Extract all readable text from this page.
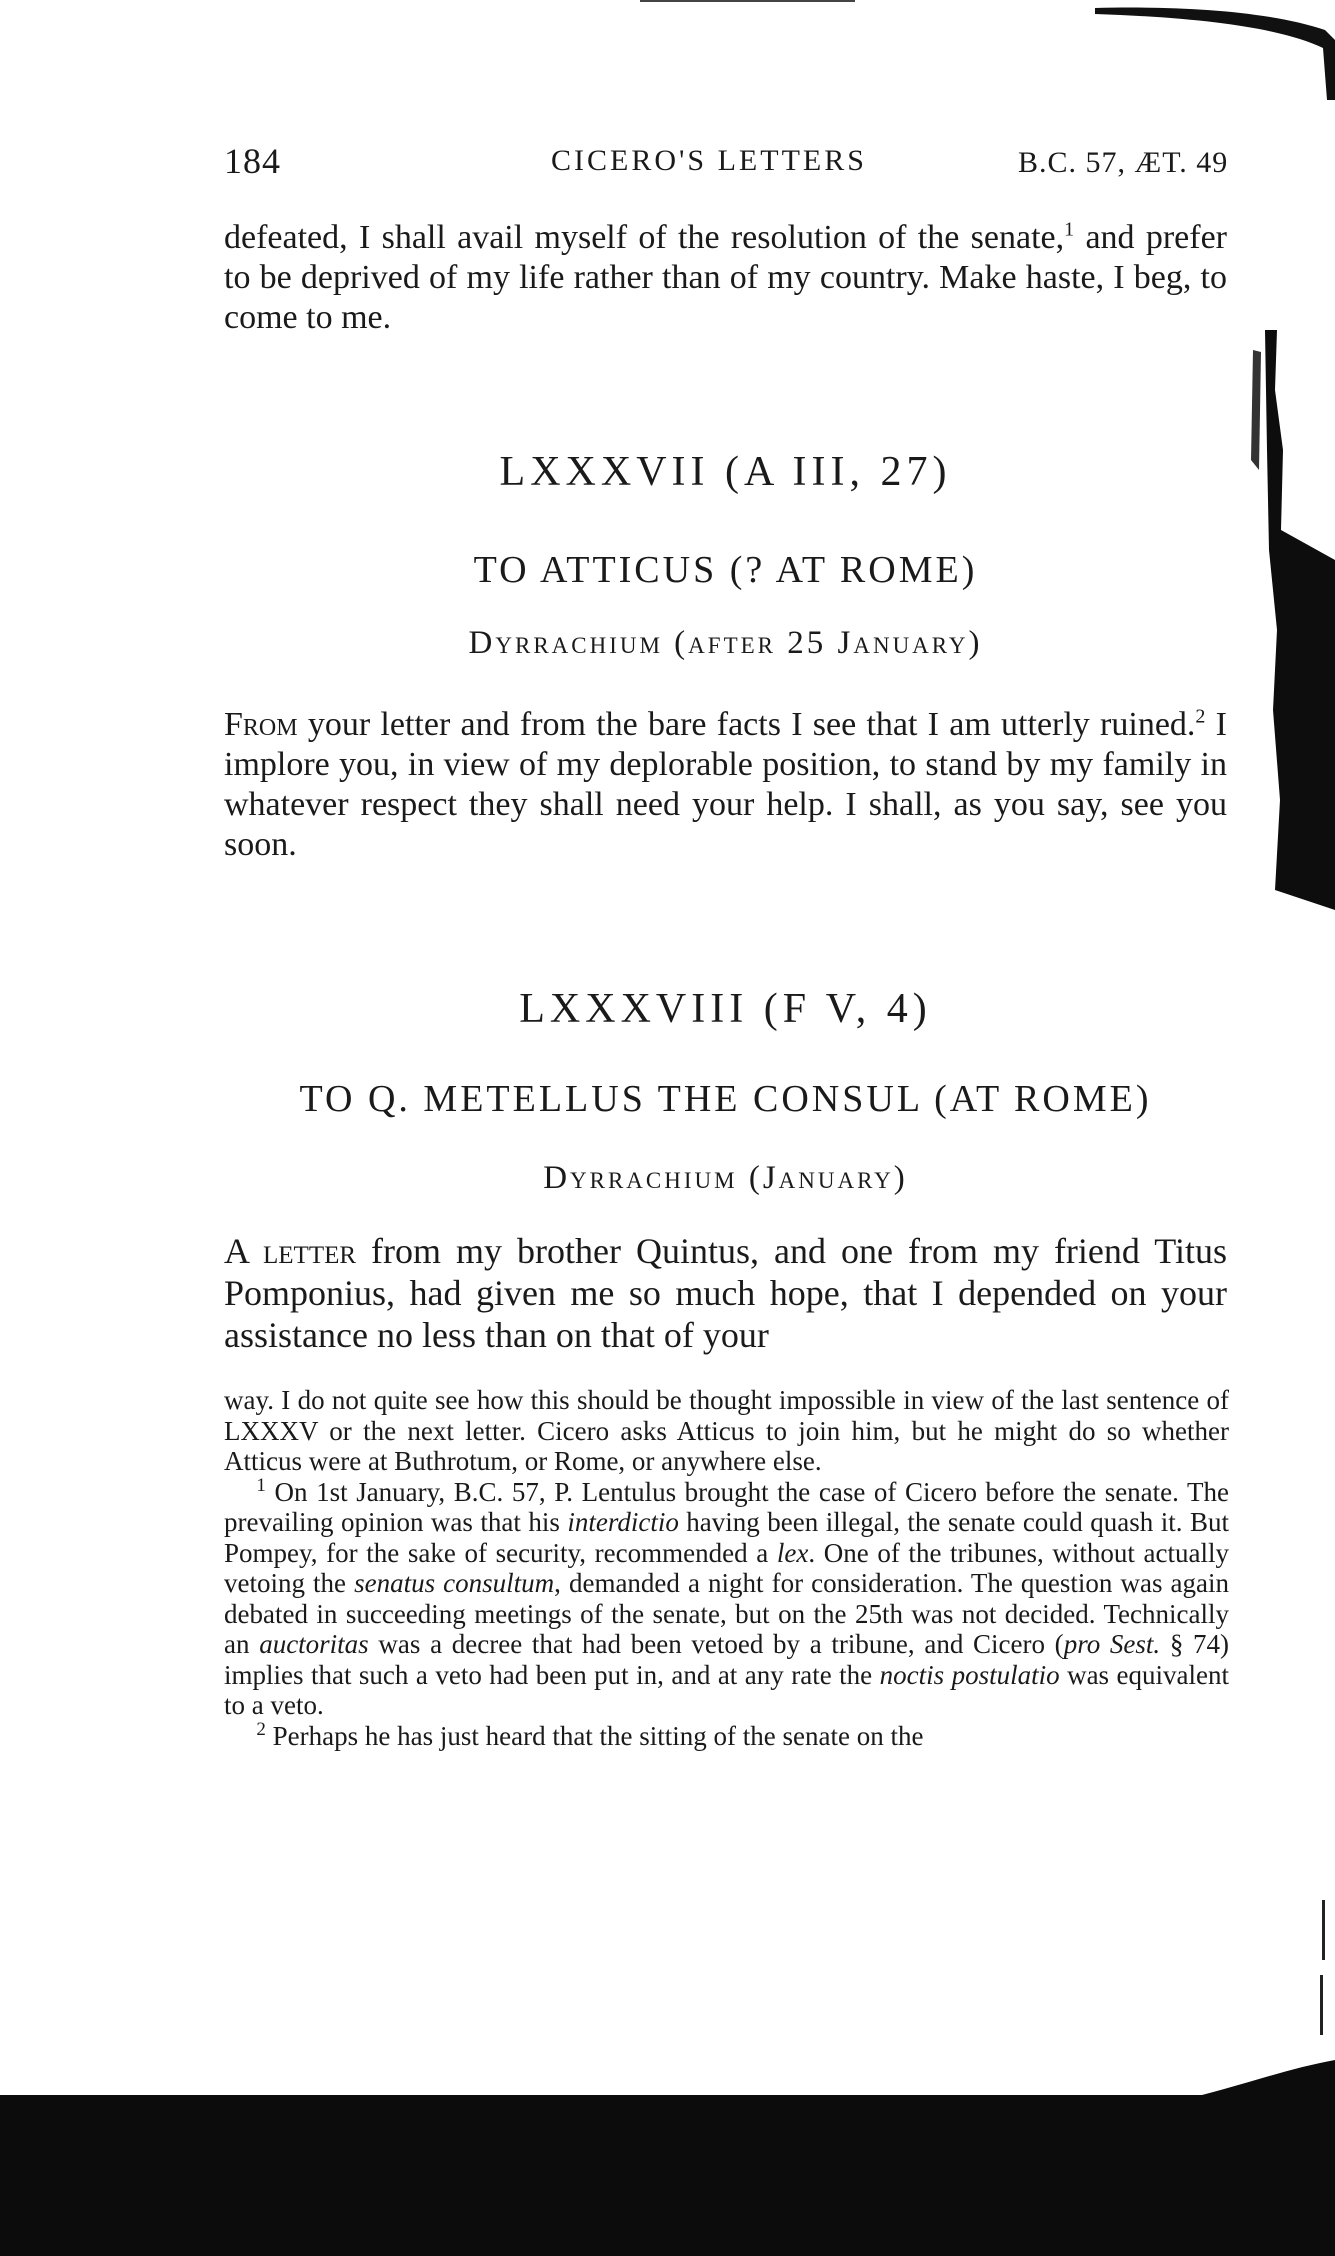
184	CICERO'S LETTERS	B.C. 57, ÆT. 49
defeated, I shall avail myself of the resolution of the senate,$^1$ and prefer to be deprived of my life rather than of my country. Make haste, I beg, to come to me.
LXXXVII (A III, 27)
TO ATTICUS (? AT ROME)
Dyrrachium (after 25 January)
From your letter and from the bare facts I see that I am utterly ruined.$^2$ I implore you, in view of my deplorable position, to stand by my family in whatever respect they shall need your help. I shall, as you say, see you soon.
LXXXVIII (F V, 4)
TO Q. METELLUS THE CONSUL (AT ROME)
Dyrrachium (January)
A letter from my brother Quintus, and one from my friend Titus Pomponius, had given me so much hope, that I depended on your assistance no less than on that of your

way. I do not quite see how this should be thought impossible in view of the last sentence of LXXXV or the next letter. Cicero asks Atticus to join him, but he might do so whether Atticus were at Buthrotum, or Rome, or anywhere else.

$^1$ On 1st January, B.C. 57, P. Lentulus brought the case of Cicero before the senate. The prevailing opinion was that his interdictio having been illegal, the senate could quash it. But Pompey, for the sake of security, recommended a lex. One of the tribunes, without actually vetoing the senatus consultum, demanded a night for consideration. The question was again debated in succeeding meetings of the senate, but on the 25th was not decided. Technically an auctoritas was a decree that had been vetoed by a tribune, and Cicero (pro Sest. § 74) implies that such a veto had been put in, and at any rate the noctis postulatio was equivalent to a veto.

$^2$ Perhaps he has just heard that the sitting of the senate on the
